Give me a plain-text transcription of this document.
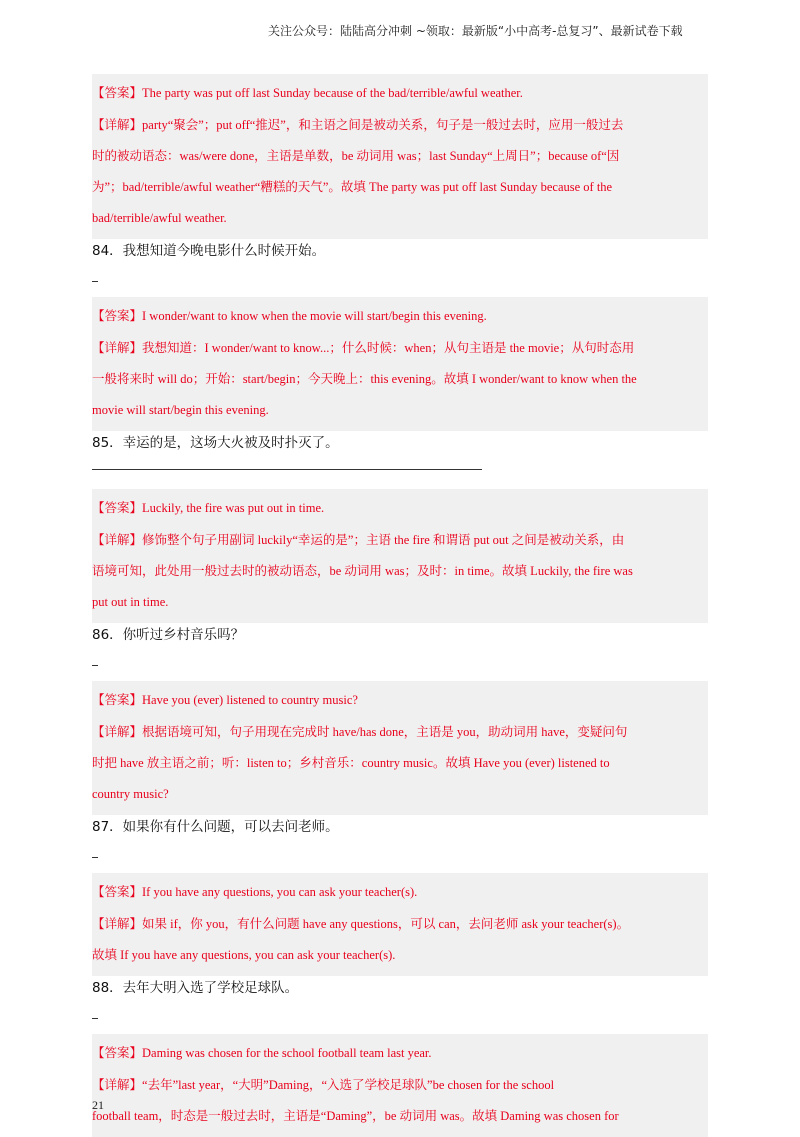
关注公众号：陆陆高分冲刺 ~领取：最新版“小中高考-总复习”、最新试卷下载
【答案】The party was put off last Sunday because of the bad/terrible/awful weather.
【详解】party“聚会”；put off“推迟”，和主语之间是被动关系，句子是一般过去时，应用一般过去
时的被动语态：was/were done，主语是单数，be 动词用 was；last Sunday“上周日”；because of“因
为”；bad/terrible/awful weather“糟糕的天气”。故填 The party was put off last Sunday because of the
bad/terrible/awful weather.
84．我想知道今晚电影什么时候开始。
【答案】I wonder/want to know when the movie will start/begin this evening.
【详解】我想知道：I wonder/want to know...；什么时候：when；从句主语是 the movie；从句时态用
一般将来时 will do；开始：start/begin；今天晚上：this evening。故填 I wonder/want to know when the
movie will start/begin this evening.
85．幸运的是，这场大火被及时扑灭了。
【答案】Luckily, the fire was put out in time.
【详解】修饰整个句子用副词 luckily“幸运的是”；主语 the fire 和谓语 put out 之间是被动关系，由
语境可知，此处用一般过去时的被动语态，be 动词用 was；及时：in time。故填 Luckily, the fire was
put out in time.
86．你听过乡村音乐吗？
【答案】Have you (ever) listened to country music?
【详解】根据语境可知，句子用现在完成时 have/has done，主语是 you，助动词用 have，变疑问句
时把 have 放主语之前；听：listen to；乡村音乐：country music。故填 Have you (ever) listened to
country music?
87．如果你有什么问题，可以去问老师。
【答案】If you have any questions, you can ask your teacher(s).
【详解】如果 if，你 you，有什么问题 have any questions，可以 can，去问老师 ask your teacher(s)。
故填 If you have any questions, you can ask your teacher(s).
88．去年大明入选了学校足球队。
【答案】Daming was chosen for the school football team last year.
【详解】“去年”last year，“大明”Daming，“入选了学校足球队”be chosen for the school
football team，时态是一般过去时，主语是“Daming”，be 动词用 was。故填 Daming was chosen for
21
